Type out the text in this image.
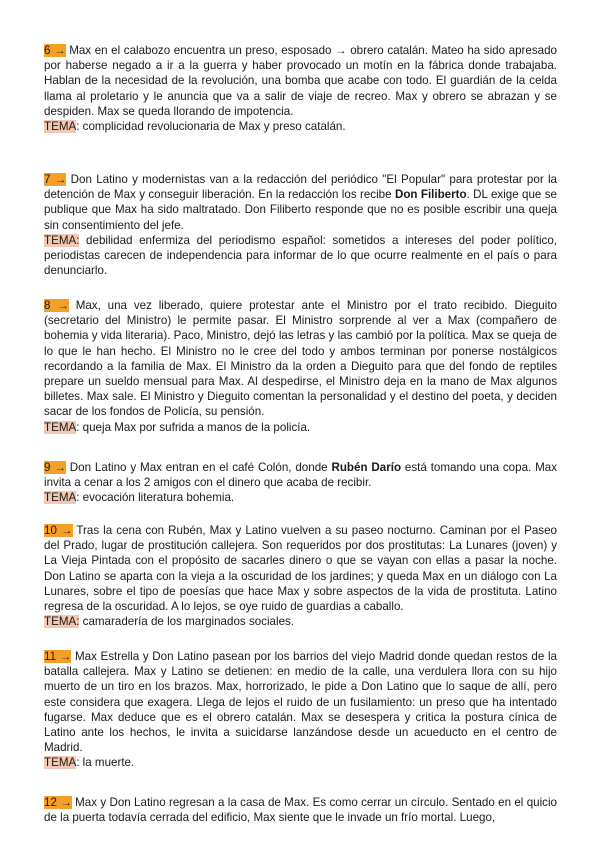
6 → Max en el calabozo encuentra un preso, esposado → obrero catalán. Mateo ha sido apresado por haberse negado a ir a la guerra y haber provocado un motín en la fábrica donde trabajaba. Hablan de la necesidad de la revolución, una bomba que acabe con todo. El guardián de la celda llama al proletario y le anuncia que va a salir de viaje de recreo. Max y obrero se abrazan y se despiden. Max se queda llorando de impotencia.
TEMA: complicidad revolucionaria de Max y preso catalán.
7 → Don Latino y modernistas van a la redacción del periódico "El Popular" para protestar por la detención de Max y conseguir liberación. En la redacción los recibe Don Filiberto. DL exige que se publique que Max ha sido maltratado. Don Filiberto responde que no es posible escribir una queja sin consentimiento del jefe.
TEMA: debilidad enfermiza del periodismo español: sometidos a intereses del poder político, periodistas carecen de independencia para informar de lo que ocurre realmente en el país o para denunciarlo.
8 → Max, una vez liberado, quiere protestar ante el Ministro por el trato recibido. Dieguito (secretario del Ministro) le permite pasar. El Ministro sorprende al ver a Max (compañero de bohemia y vida literaria). Paco, Ministro, dejó las letras y las cambió por la política. Max se queja de lo que le han hecho. El Ministro no le cree del todo y ambos terminan por ponerse nostálgicos recordando a la familia de Max. El Ministro da la orden a Dieguito para que del fondo de reptiles prepare un sueldo mensual para Max. Al despedirse, el Ministro deja en la mano de Max algunos billetes. Max sale. El Ministro y Dieguito comentan la personalidad y el destino del poeta, y deciden sacar de los fondos de Policía, su pensión.
TEMA: queja Max por sufrida a manos de la policía.
9 → Don Latino y Max entran en el café Colón, donde Rubén Darío está tomando una copa. Max invita a cenar a los 2 amigos con el dinero que acaba de recibir.
TEMA: evocación literatura bohemia.
10 → Tras la cena con Rubén, Max y Latino vuelven a su paseo nocturno. Caminan por el Paseo del Prado, lugar de prostitución callejera. Son requeridos por dos prostitutas: La Lunares (joven) y La Vieja Pintada con el propósito de sacarles dinero o que se vayan con ellas a pasar la noche. Don Latino se aparta con la vieja a la oscuridad de los jardines; y queda Max en un diálogo con La Lunares, sobre el tipo de poesías que hace Max y sobre aspectos de la vida de prostituta. Latino regresa de la oscuridad. A lo lejos, se oye ruido de guardias a caballo.
TEMA: camaradería de los marginados sociales.
11 → Max Estrella y Don Latino pasean por los barrios del viejo Madrid donde quedan restos de la batalla callejera. Max y Latino se detienen: en medio de la calle, una verdulera llora con su hijo muerto de un tiro en los brazos. Max, horrorizado, le pide a Don Latino que lo saque de allí, pero este considera que exagera. Llega de lejos el ruido de un fusilamiento: un preso que ha intentado fugarse. Max deduce que es el obrero catalán. Max se desespera y critica la postura cínica de Latino ante los hechos, le invita a suicidarse lanzándose desde un acueducto en el centro de Madrid.
TEMA: la muerte.
12 → Max y Don Latino regresan a la casa de Max. Es como cerrar un círculo. Sentado en el quicio de la puerta todavía cerrada del edificio, Max siente que le invade un frío mortal. Luego,
